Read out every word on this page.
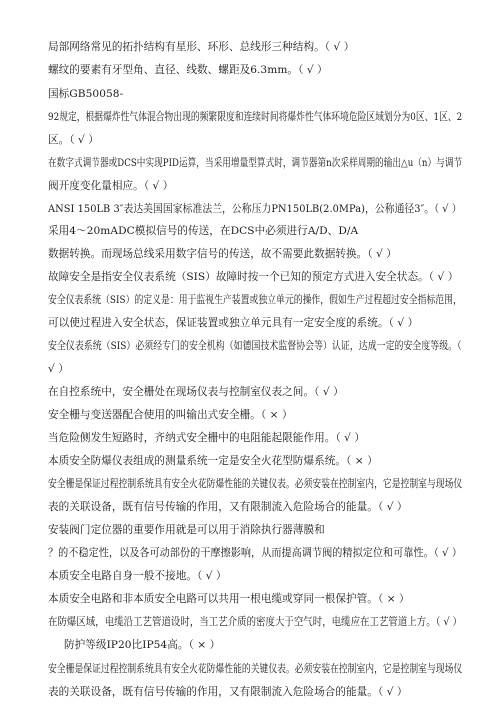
局部网络常见的拓扑结构有星形、环形、总线形三种结构。（ √ ）
螺纹的要素有牙型角、直径、线数、螺距及6.3mm。（ √ ）
国标GB50058-
92规定，根据爆炸性气体混合物出现的频繁限度和连续时间将爆炸性气体环境危险区域划分为0区、1区、2
区。（ √ ）
在数字式调节器或DCS中实现PID运算，当采用增量型算式时，调节器第n次采样周期的输出△u（n）与调节
阀开度变化量相应。（ √ ）
ANSI 150LB 3″表达美国国家标准法兰，公称压力PN150LB(2.0MPa)，公称通径3″。（ √ ）
采用4～20mADC模拟信号的传送，在DCS中必须进行A/D、D/A
数据转换。而现场总线采用数字信号的传送，故不需要此数据转换。（ √ ）
故障安全是指安全仪表系统（SIS）故障时按一个已知的预定方式进入安全状态。（ √ ）
安全仪表系统（SIS）的定义是：用于监视生产装置或独立单元的操作，假如生产过程超过安全指标范围，
可以使过程进入安全状态，保证装置或独立单元具有一定安全度的系统。（ √ ）
安全仪表系统（SIS）必须经专门的安全机构（如德国技术监督协会等）认证，达成一定的安全度等级。（
√ ）
在自控系统中，安全栅处在现场仪表与控制室仪表之间。（ √ ）
安全栅与变送器配合使用的叫输出式安全栅。（ × ）
当危险侧发生短路时，齐纳式安全栅中的电阻能起限能作用。（ √ ）
本质安全防爆仪表组成的测量系统一定是安全火花型防爆系统。（ × ）
安全栅是保证过程控制系统具有安全火花防爆性能的关键仪表。必须安装在控制室内，它是控制室与现场仪
表的关联设备，既有信号传输的作用，又有限制流入危险场合的能量。（ √ ）
安装阀门定位器的重要作用就是可以用于消除执行器薄膜和
？的不稳定性，以及各可动部份的干摩擦影响，从而提高调节阀的精拟定位和可靠性。（ √ ）
本质安全电路自身一般不接地。（ √ ）
本质安全电路和非本质安全电路可以共用一根电缆或穿同一根保护管。（ × ）
在防爆区域，电缆沿工艺管道设时，当工艺介质的密度大于空气时，电缆应在工艺管道上方。（ √ ）
防护等级IP20比IP54高。（ × ）
安全栅是保证过程控制系统具有安全火花防爆性能的关键仪表。必须安装在控制室内，它是控制室与现场仪
表的关联设备，既有信号传输的作用，又有限制流入危险场合的能量。（ √ ）
